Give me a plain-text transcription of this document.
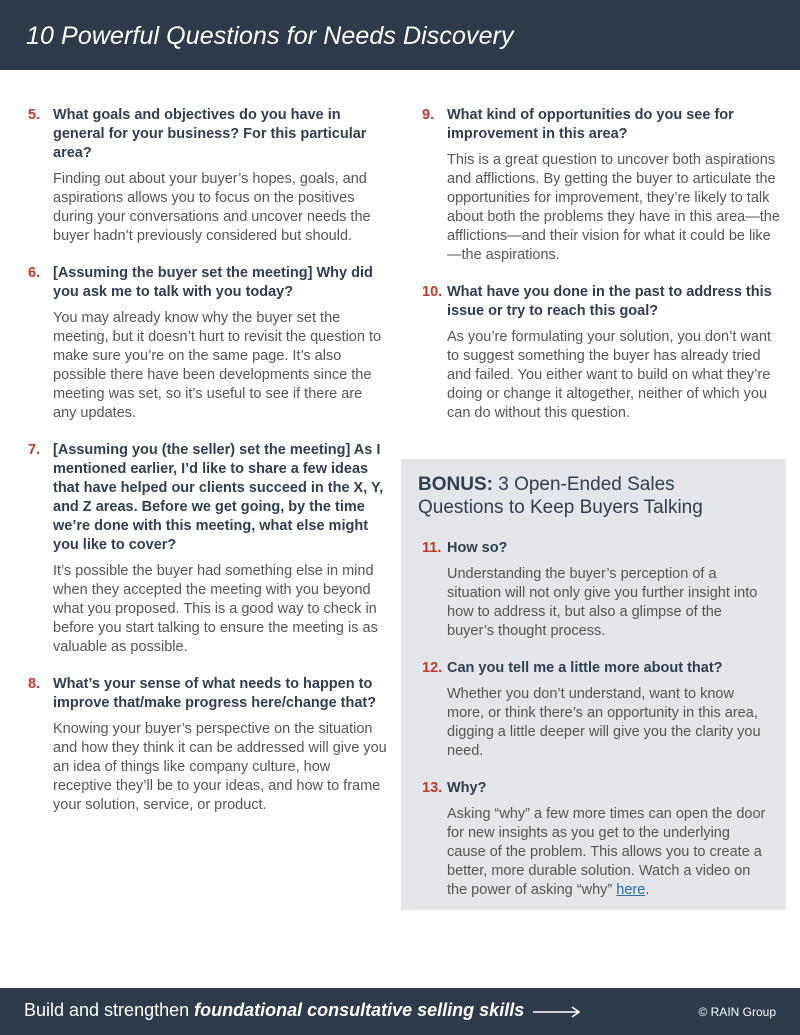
10 Powerful Questions for Needs Discovery
5. What goals and objectives do you have in general for your business? For this particular area?

Finding out about your buyer’s hopes, goals, and aspirations allows you to focus on the positives during your conversations and uncover needs the buyer hadn’t previously considered but should.

6. [Assuming the buyer set the meeting] Why did you ask me to talk with you today?

You may already know why the buyer set the meeting, but it doesn’t hurt to revisit the question to make sure you’re on the same page. It’s also possible there have been developments since the meeting was set, so it’s useful to see if there are any updates.

7. [Assuming you (the seller) set the meeting] As I mentioned earlier, I’d like to share a few ideas that have helped our clients succeed in the X, Y, and Z areas. Before we get going, by the time we’re done with this meeting, what else might you like to cover?

It’s possible the buyer had something else in mind when they accepted the meeting with you beyond what you proposed. This is a good way to check in before you start talking to ensure the meeting is as valuable as possible.

8. What’s your sense of what needs to happen to improve that/make progress here/change that?

Knowing your buyer’s perspective on the situation and how they think it can be addressed will give you an idea of things like company culture, how receptive they’ll be to your ideas, and how to frame your solution, service, or product.

9. What kind of opportunities do you see for improvement in this area?

This is a great question to uncover both aspirations and afflictions. By getting the buyer to articulate the opportunities for improvement, they’re likely to talk about both the problems they have in this area—the afflictions—and their vision for what it could be like—the aspirations.

10. What have you done in the past to address this issue or try to reach this goal?

As you’re formulating your solution, you don’t want to suggest something the buyer has already tried and failed. You either want to build on what they’re doing or change it altogether, neither of which you can do without this question.

BONUS: 3 Open-Ended Sales Questions to Keep Buyers Talking
11. How so?

Understanding the buyer’s perception of a situation will not only give you further insight into how to address it, but also a glimpse of the buyer’s thought process.

12. Can you tell me a little more about that?

Whether you don’t understand, want to know more, or think there’s an opportunity in this area, digging a little deeper will give you the clarity you need.

13. Why?

Asking “why” a few more times can open the door for new insights as you get to the underlying cause of the problem. This allows you to create a better, more durable solution. Watch a video on the power of asking “why” here.

Build and strengthen foundational consultative selling skills	© RAIN Group
